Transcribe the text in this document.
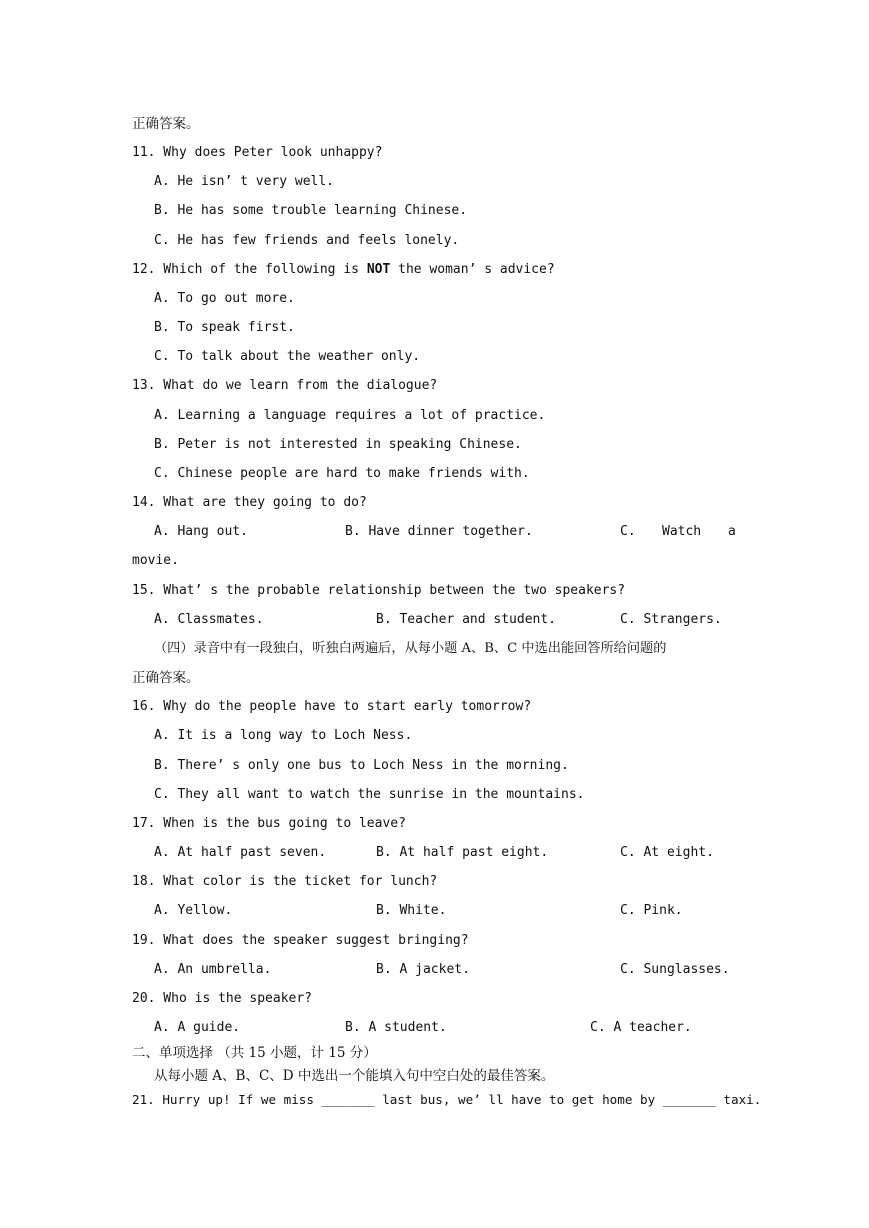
正确答案。
11. Why does Peter look unhappy?
A. He isn’ t very well.
B. He has some trouble learning Chinese.
C. He has few friends and feels lonely.
12. Which of the following is NOT the woman’ s advice?
A. To go out more.
B. To speak first.
C. To talk about the weather only.
13. What do we learn from the dialogue?
A. Learning a language requires a lot of practice.
B. Peter is not interested in speaking Chinese.
C. Chinese people are hard to make friends with.
14. What are they going to do?
A. Hang out.	B. Have dinner together.	C. Watch a
movie.
15. What’ s the probable relationship between the two speakers?
A. Classmates.	B. Teacher and student.	C. Strangers.
（四）录音中有一段独白，听独白两遍后，从每小题 A、B、C 中选出能回答所给问题的
正确答案。
16. Why do the people have to start early tomorrow?
A. It is a long way to Loch Ness.
B. There’ s only one bus to Loch Ness in the morning.
C. They all want to watch the sunrise in the mountains.
17. When is the bus going to leave?
A. At half past seven.	B. At half past eight.	C. At eight.
18. What color is the ticket for lunch?
A. Yellow.	B. White.	C. Pink.
19. What does the speaker suggest bringing?
A. An umbrella.	B. A jacket.	C. Sunglasses.
20. Who is the speaker?
A. A guide.	B. A student.	C. A teacher.
二、单项选择 （共 15 小题，计 15 分）
从每小题 A、B、C、D 中选出一个能填入句中空白处的最佳答案。
21. Hurry up! If we miss _______ last bus, we’ ll have to get home by _______ taxi.
